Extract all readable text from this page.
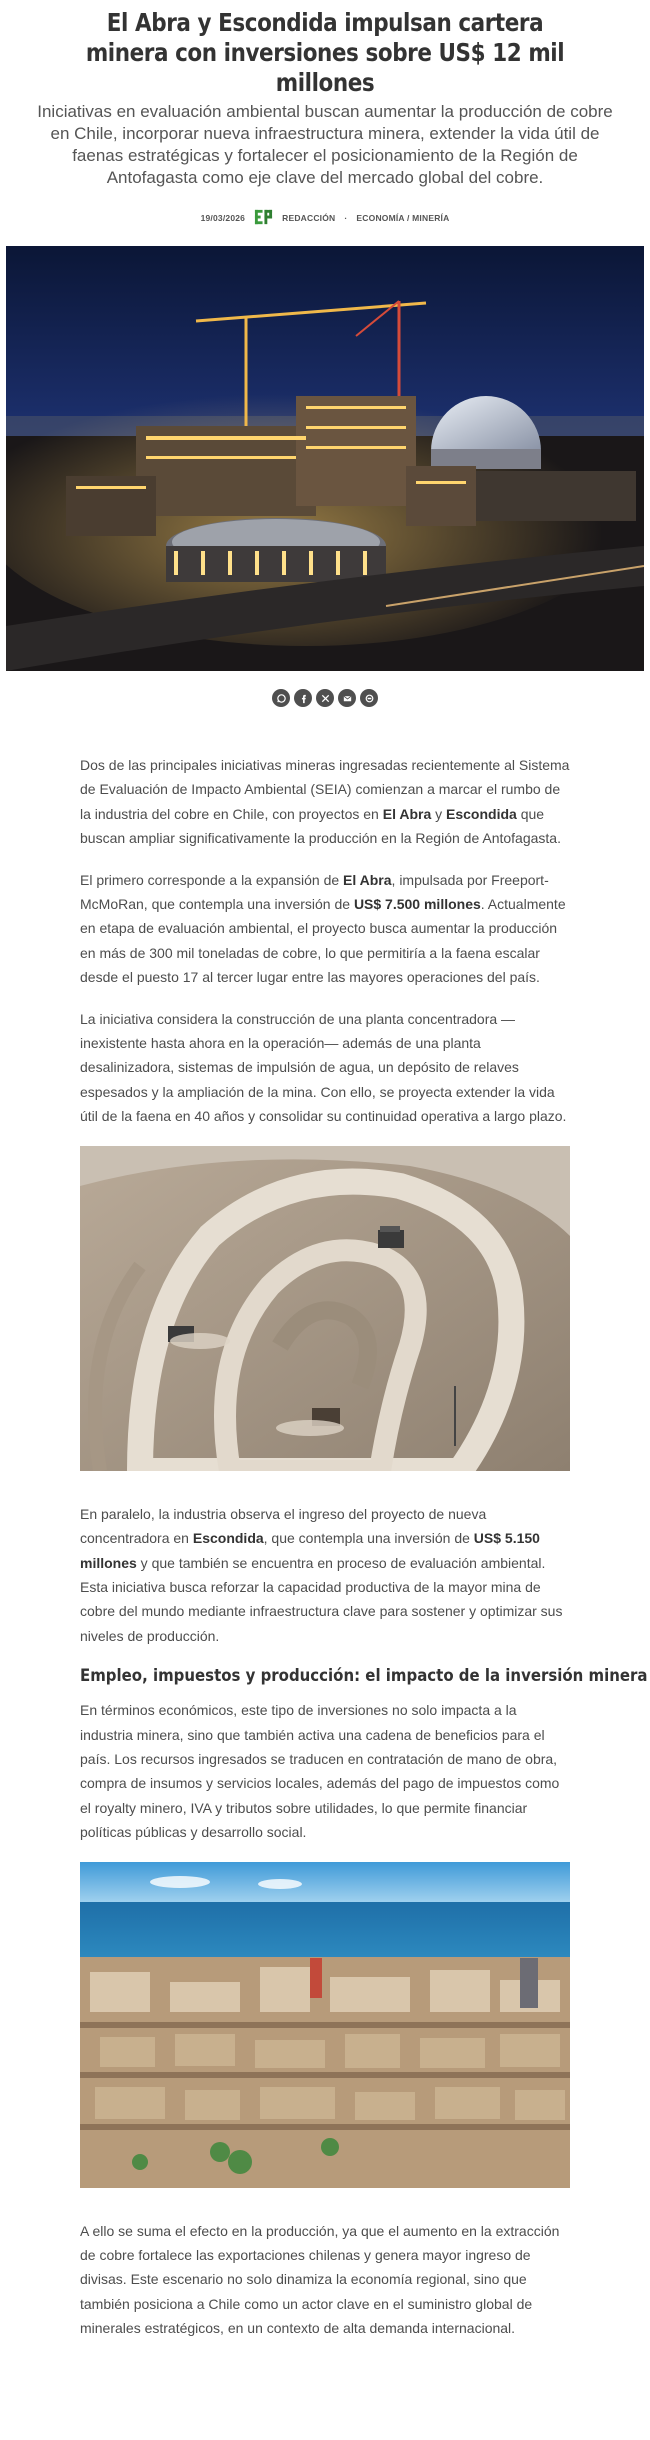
El Abra y Escondida impulsan cartera minera con inversiones sobre US$ 12 mil millones
Iniciativas en evaluación ambiental buscan aumentar la producción de cobre en Chile, incorporar nueva infraestructura minera, extender la vida útil de faenas estratégicas y fortalecer el posicionamiento de la Región de Antofagasta como eje clave del mercado global del cobre.
19/03/2026	REDACCIÓN · ECONOMÍA / MINERÍA

Dos de las principales iniciativas mineras ingresadas recientemente al Sistema de Evaluación de Impacto Ambiental (SEIA) comienzan a marcar el rumbo de la industria del cobre en Chile, con proyectos en El Abra y Escondida que buscan ampliar significativamente la producción en la Región de Antofagasta.

El primero corresponde a la expansión de El Abra, impulsada por Freeport-McMoRan, que contempla una inversión de US$ 7.500 millones. Actualmente en etapa de evaluación ambiental, el proyecto busca aumentar la producción en más de 300 mil toneladas de cobre, lo que permitiría a la faena escalar desde el puesto 17 al tercer lugar entre las mayores operaciones del país.

La iniciativa considera la construcción de una planta concentradora —inexistente hasta ahora en la operación— además de una planta desalinizadora, sistemas de impulsión de agua, un depósito de relaves espesados y la ampliación de la mina. Con ello, se proyecta extender la vida útil de la faena en 40 años y consolidar su continuidad operativa a largo plazo.

En paralelo, la industria observa el ingreso del proyecto de nueva concentradora en Escondida, que contempla una inversión de US$ 5.150 millones y que también se encuentra en proceso de evaluación ambiental. Esta iniciativa busca reforzar la capacidad productiva de la mayor mina de cobre del mundo mediante infraestructura clave para sostener y optimizar sus niveles de producción.

Empleo, impuestos y producción: el impacto de la inversión minera

En términos económicos, este tipo de inversiones no solo impacta a la industria minera, sino que también activa una cadena de beneficios para el país. Los recursos ingresados se traducen en contratación de mano de obra, compra de insumos y servicios locales, además del pago de impuestos como el royalty minero, IVA y tributos sobre utilidades, lo que permite financiar políticas públicas y desarrollo social.

A ello se suma el efecto en la producción, ya que el aumento en la extracción de cobre fortalece las exportaciones chilenas y genera mayor ingreso de divisas. Este escenario no solo dinamiza la economía regional, sino que también posiciona a Chile como un actor clave en el suministro global de minerales estratégicos, en un contexto de alta demanda internacional.
